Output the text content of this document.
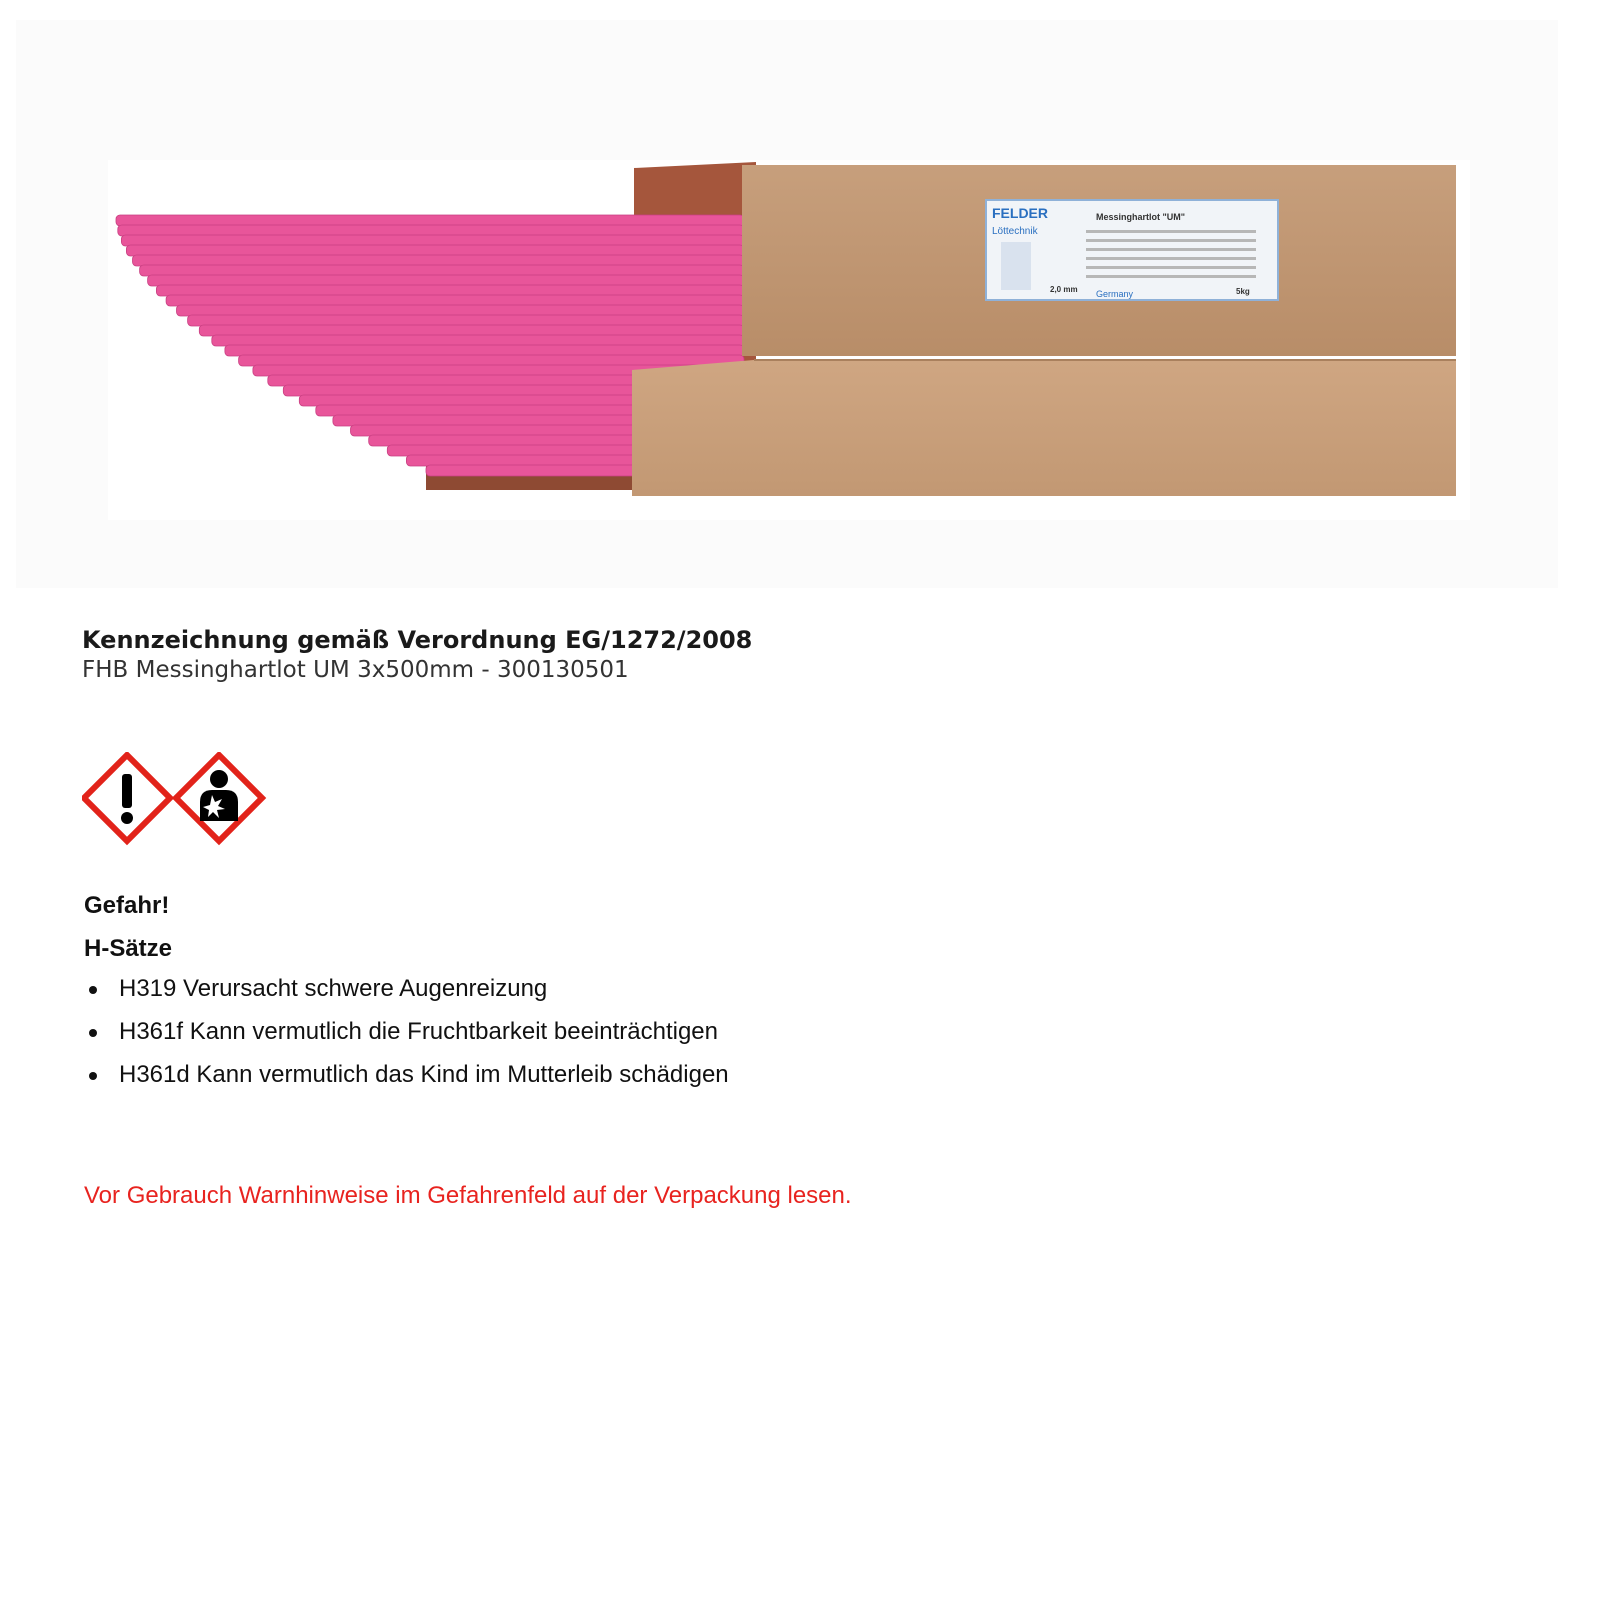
FELDER
Löttechnik
Messinghartlot "UM"
2,0 mm Germany	5kg
Kennzeichnung gemäß Verordnung EG/1272/2008
FHB Messinghartlot UM 3x500mm - 300130501
Gefahr!
H-Sätze
H319 Verursacht schwere Augenreizung
H361f Kann vermutlich die Fruchtbarkeit beeinträchtigen
H361d Kann vermutlich das Kind im Mutterleib schädigen
Vor Gebrauch Warnhinweise im Gefahrenfeld auf der Verpackung lesen.
